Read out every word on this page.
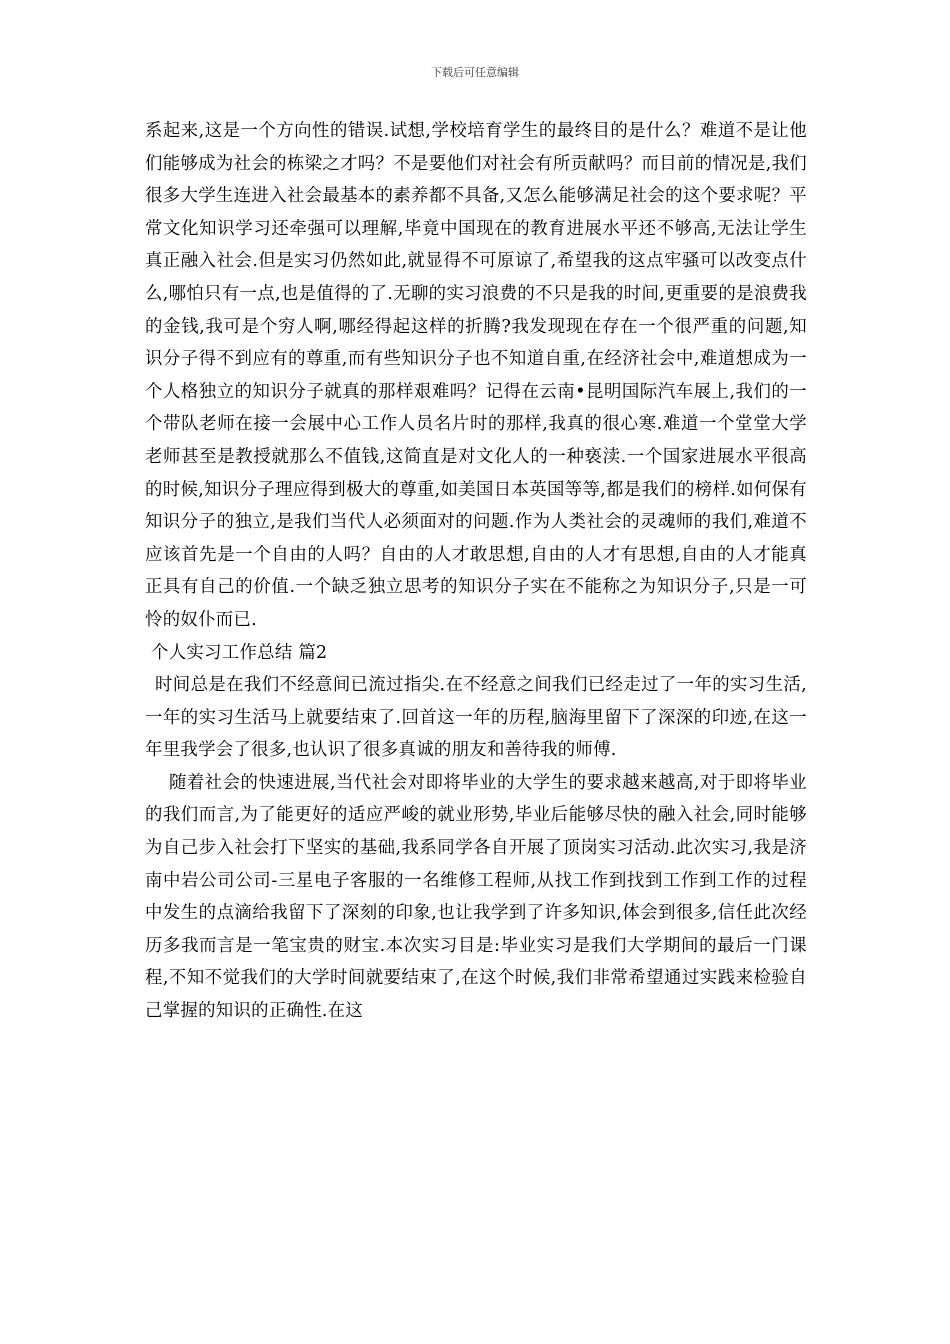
下载后可任意编辑

系起来,这是一个方向性的错误.试想,学校培育学生的最终目的是什么？难道不是让他们能够成为社会的栋梁之才吗？不是要他们对社会有所贡献吗？而目前的情况是,我们很多大学生连进入社会最基本的素养都不具备,又怎么能够满足社会的这个要求呢？平常文化知识学习还牵强可以理解,毕竟中国现在的教育进展水平还不够高,无法让学生真正融入社会.但是实习仍然如此,就显得不可原谅了,希望我的这点牢骚可以改变点什么,哪怕只有一点,也是值得的了.无聊的实习浪费的不只是我的时间,更重要的是浪费我的金钱,我可是个穷人啊,哪经得起这样的折腾?我发现现在存在一个很严重的问题,知识分子得不到应有的尊重,而有些知识分子也不知道自重,在经济社会中,难道想成为一个人格独立的知识分子就真的那样艰难吗？记得在云南•昆明国际汽车展上,我们的一个带队老师在接一会展中心工作人员名片时的那样,我真的很心寒.难道一个堂堂大学老师甚至是教授就那么不值钱,这简直是对文化人的一种亵渎.一个国家进展水平很高的时候,知识分子理应得到极大的尊重,如美国日本英国等等,都是我们的榜样.如何保有知识分子的独立,是我们当代人必须面对的问题.作为人类社会的灵魂师的我们,难道不应该首先是一个自由的人吗？自由的人才敢思想,自由的人才有思想,自由的人才能真正具有自己的价值.一个缺乏独立思考的知识分子实在不能称之为知识分子,只是一可怜的奴仆而已.

个人实习工作总结 篇2

时间总是在我们不经意间已流过指尖.在不经意之间我们已经走过了一年的实习生活,一年的实习生活马上就要结束了.回首这一年的历程,脑海里留下了深深的印迹,在这一年里我学会了很多,也认识了很多真诚的朋友和善待我的师傅.

随着社会的快速进展,当代社会对即将毕业的大学生的要求越来越高,对于即将毕业的我们而言,为了能更好的适应严峻的就业形势,毕业后能够尽快的融入社会,同时能够为自己步入社会打下坚实的基础,我系同学各自开展了顶岗实习活动.此次实习,我是济南中岩公司公司-三星电子客服的一名维修工程师,从找工作到找到工作到工作的过程中发生的点滴给我留下了深刻的印象,也让我学到了许多知识,体会到很多,信任此次经历多我而言是一笔宝贵的财宝.本次实习目是:毕业实习是我们大学期间的最后一门课程,不知不觉我们的大学时间就要结束了,在这个时候,我们非常希望通过实践来检验自己掌握的知识的正确性.在这
